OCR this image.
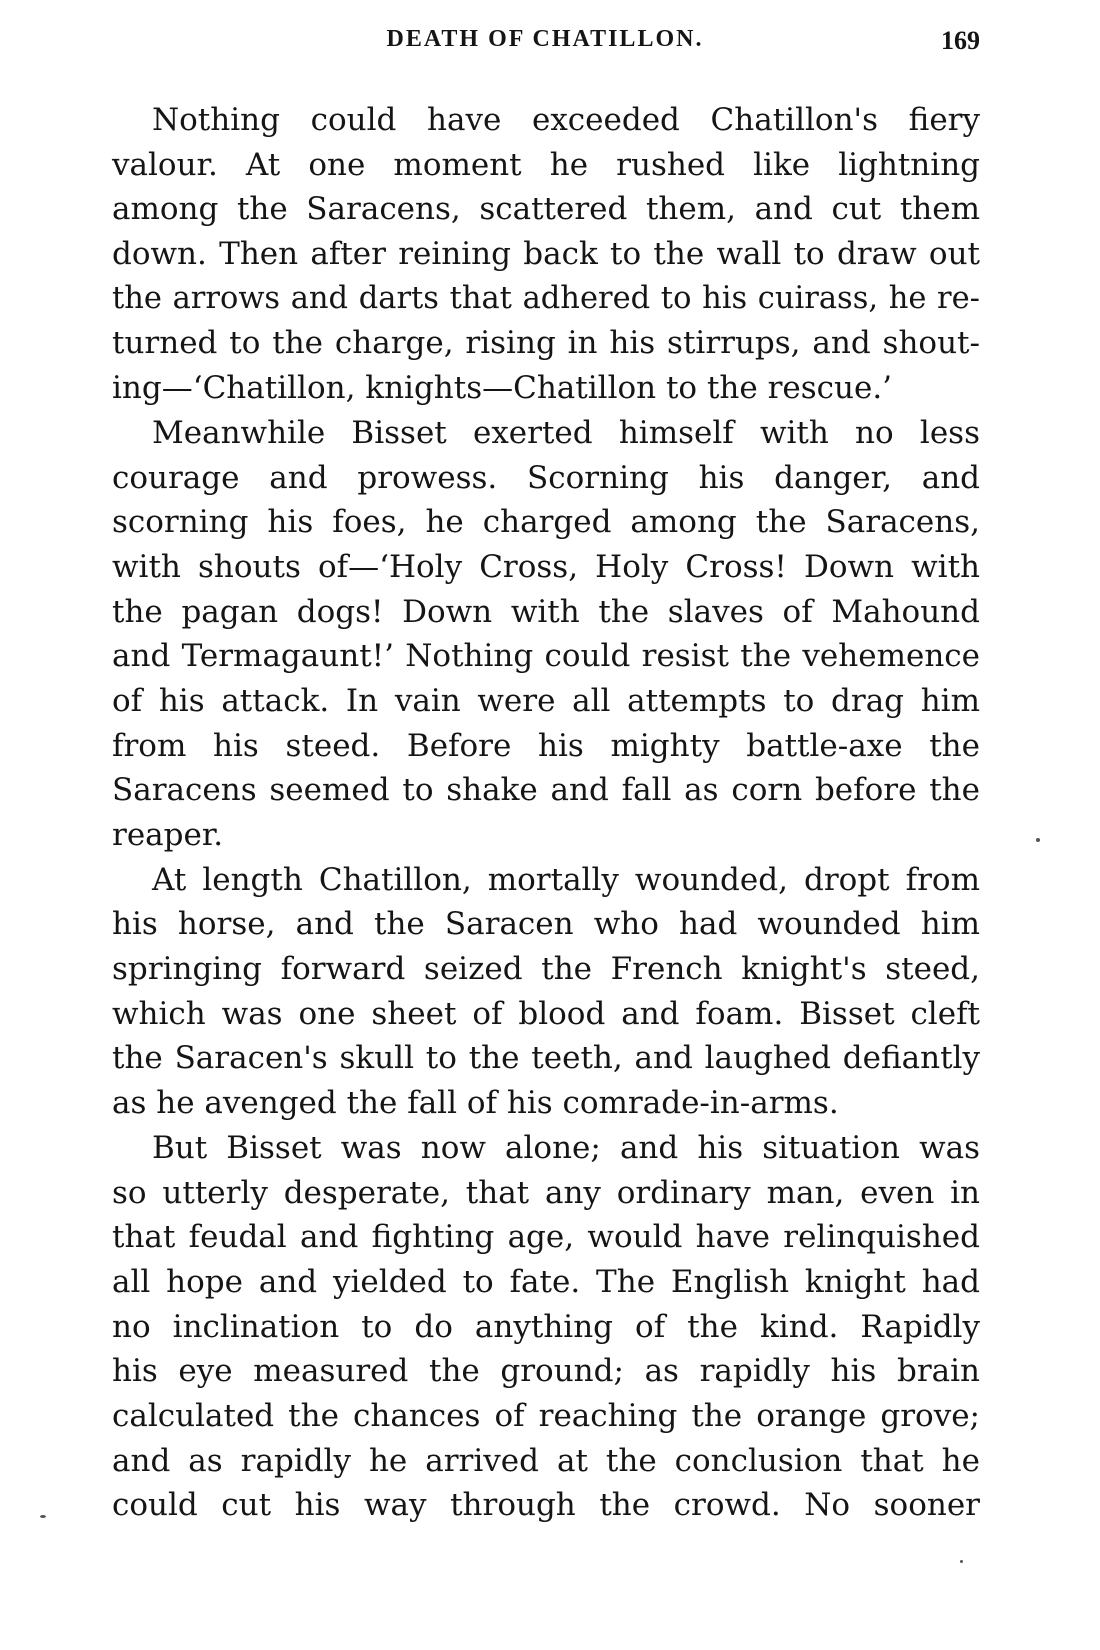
DEATH OF CHATILLON.	169
Nothing could have exceeded Chatillon's fiery
valour. At one moment he rushed like lightning
among the Saracens, scattered them, and cut them
down. Then after reining back to the wall to draw out
the arrows and darts that adhered to his cuirass, he re-
turned to the charge, rising in his stirrups, and shout-
ing—‘Chatillon, knights—Chatillon to the rescue.’
Meanwhile Bisset exerted himself with no less
courage and prowess. Scorning his danger, and
scorning his foes, he charged among the Saracens,
with shouts of—‘Holy Cross, Holy Cross! Down with
the pagan dogs! Down with the slaves of Mahound
and Termagaunt!’ Nothing could resist the vehemence
of his attack. In vain were all attempts to drag him
from his steed. Before his mighty battle-axe the
Saracens seemed to shake and fall as corn before the
reaper.
At length Chatillon, mortally wounded, dropt from
his horse, and the Saracen who had wounded him
springing forward seized the French knight's steed,
which was one sheet of blood and foam. Bisset cleft
the Saracen's skull to the teeth, and laughed defiantly
as he avenged the fall of his comrade-in-arms.
But Bisset was now alone; and his situation was
so utterly desperate, that any ordinary man, even in
that feudal and fighting age, would have relinquished
all hope and yielded to fate. The English knight had
no inclination to do anything of the kind. Rapidly
his eye measured the ground; as rapidly his brain
calculated the chances of reaching the orange grove;
and as rapidly he arrived at the conclusion that he
could cut his way through the crowd. No sooner
